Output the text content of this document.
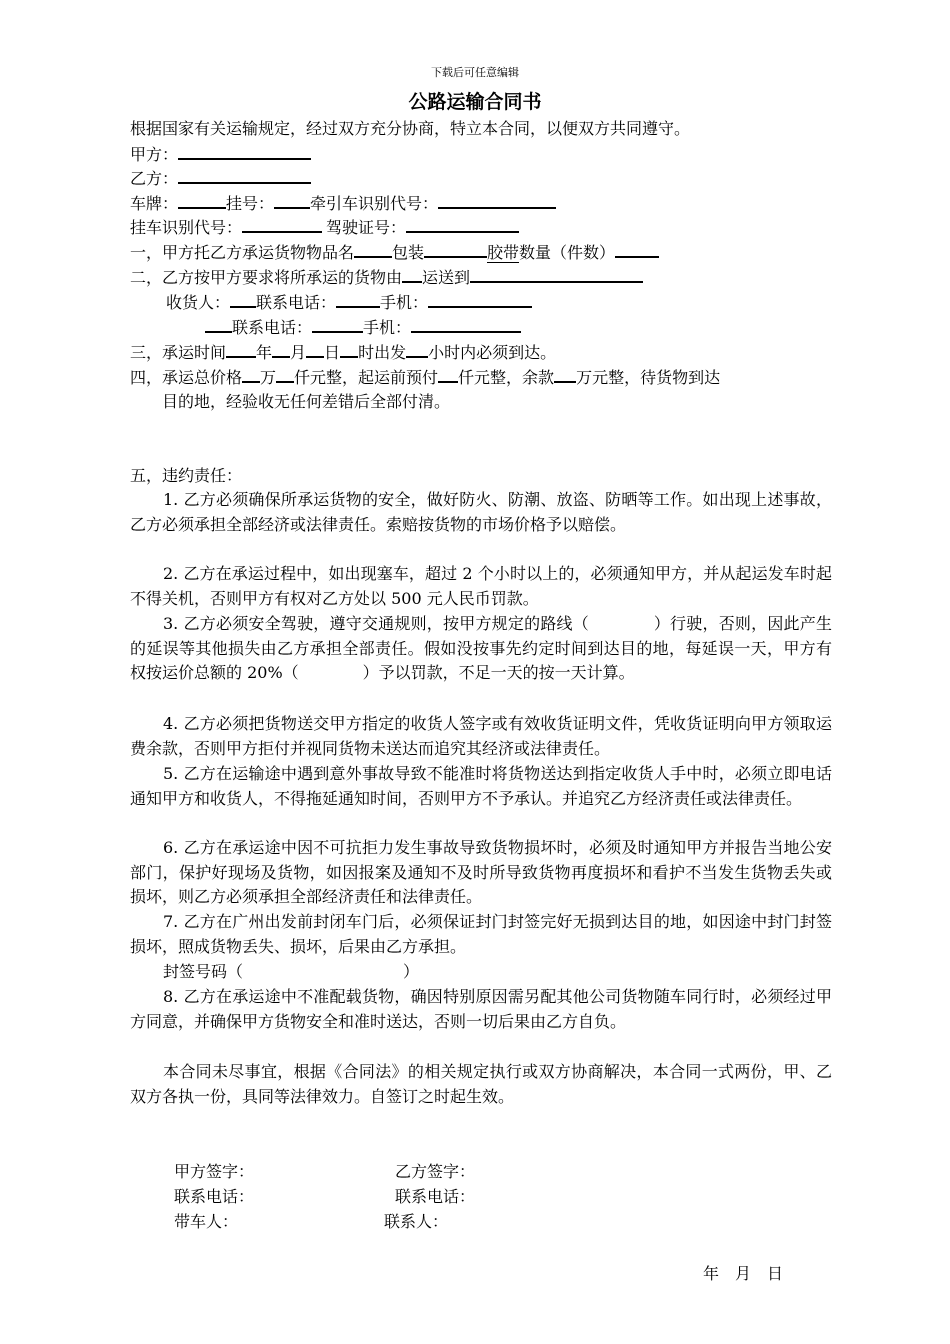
下载后可任意编辑
公路运输合同书
根据国家有关运输规定，经过双方充分协商，特立本合同，以便双方共同遵守。
甲方：
乙方：
车牌：	挂号： 牵引车识别代号：
挂车识别代号：	驾驶证号：
一，甲方托乙方承运货物物品名 包装	胶带数量（件数）
二，乙方按甲方要求将所承运的货物由 运送到
收货人： 联系电话：	手机：
联系电话：	手机：
三，承运时间 年 月 日 时出发 小时内必须到达。
四，承运总价格 万 仟元整，起运前预付 仟元整，余款 万元整，待货物到达
目的地，经验收无任何差错后全部付清。
五，违约责任：
1. 乙方必须确保所承运货物的安全，做好防火、防潮、放盗、防晒等工作。如出现上述事故，乙方必须承担全部经济或法律责任。索赔按货物的市场价格予以赔偿。
2. 乙方在承运过程中，如出现塞车，超过 2 个小时以上的，必须通知甲方，并从起运发车时起不得关机，否则甲方有权对乙方处以 500 元人民币罚款。
3. 乙方必须安全驾驶，遵守交通规则，按甲方规定的路线（　　　　）行驶，否则，因此产生的延误等其他损失由乙方承担全部责任。假如没按事先约定时间到达目的地，每延误一天，甲方有权按运价总额的 20%（　　　　）予以罚款，不足一天的按一天计算。
4. 乙方必须把货物送交甲方指定的收货人签字或有效收货证明文件，凭收货证明向甲方领取运费余款，否则甲方拒付并视同货物未送达而追究其经济或法律责任。
5. 乙方在运输途中遇到意外事故导致不能准时将货物送达到指定收货人手中时，必须立即电话通知甲方和收货人，不得拖延通知时间，否则甲方不予承认。并追究乙方经济责任或法律责任。
6. 乙方在承运途中因不可抗拒力发生事故导致货物损坏时，必须及时通知甲方并报告当地公安部门，保护好现场及货物，如因报案及通知不及时所导致货物再度损坏和看护不当发生货物丢失或损坏，则乙方必须承担全部经济责任和法律责任。
7. 乙方在广州出发前封闭车门后，必须保证封门封签完好无损到达目的地，如因途中封门封签损坏，照成货物丢失、损坏，后果由乙方承担。
封签号码（　　　　　　　　　　）
8. 乙方在承运途中不准配载货物，确因特别原因需另配其他公司货物随车同行时，必须经过甲方同意，并确保甲方货物安全和准时送达，否则一切后果由乙方自负。
本合同未尽事宜，根据《合同法》的相关规定执行或双方协商解决，本合同一式两份，甲、乙双方各执一份，具同等法律效力。自签订之时起生效。
甲方签字：	乙方签字：
联系电话：	联系电话：
带车人：	联系人：
年 月 日
